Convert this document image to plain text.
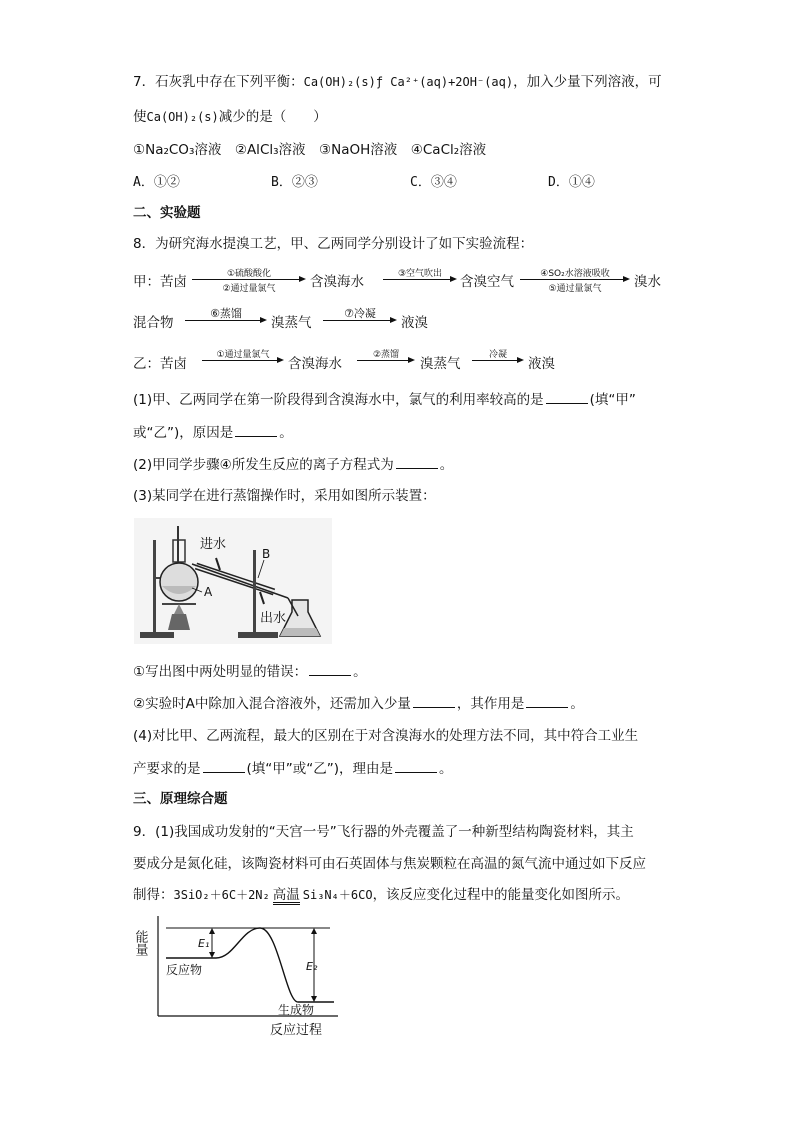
7．石灰乳中存在下列平衡：Ca(OH)₂(s)ƒ Ca²⁺(aq)+2OH⁻(aq)，加入少量下列溶液，可
使Ca(OH)₂(s)减少的是（　　）
①Na₂CO₃溶液　②AlCl₃溶液　③NaOH溶液　④CaCl₂溶液
A．①②	B．②③	C．③④	D．①④
二、实验题
8．为研究海水提溴工艺，甲、乙两同学分别设计了如下实验流程：
甲：苦卤	①硫酸酸化
②通过量氯气	含溴海水	③空气吹出	含溴空气	④SO₂水溶液吸收
⑤通过量氯气	溴水
混合物
⑥蒸馏
溴蒸气
⑦冷凝
液溴
乙：苦卤
①通过量氯气
含溴海水
②蒸馏
溴蒸气
冷凝
液溴
(1)甲、乙两同学在第一阶段得到含溴海水中，氯气的利用率较高的是	(填“甲”
或“乙”)，原因是	。
(2)甲同学步骤④所发生反应的离子方程式为	。
(3)某同学在进行蒸馏操作时，采用如图所示装置：
进水
B
A
出水
①写出图中两处明显的错误：	。
②实验时A中除加入混合溶液外，还需加入少量	，其作用是	。
(4)对比甲、乙两流程，最大的区别在于对含溴海水的处理方法不同，其中符合工业生
产要求的是	(填“甲”或“乙”)，理由是	。
三、原理综合题
9．(1)我国成功发射的“天宫一号”飞行器的外壳覆盖了一种新型结构陶瓷材料，其主
要成分是氮化硅，该陶瓷材料可由石英固体与焦炭颗粒在高温的氮气流中通过如下反应
制得：3SiO₂＋6C＋2N₂ 高温 Si₃N₄＋6CO，该反应变化过程中的能量变化如图所示。
能量	E₁
E₂
反应物
生成物
反应过程
